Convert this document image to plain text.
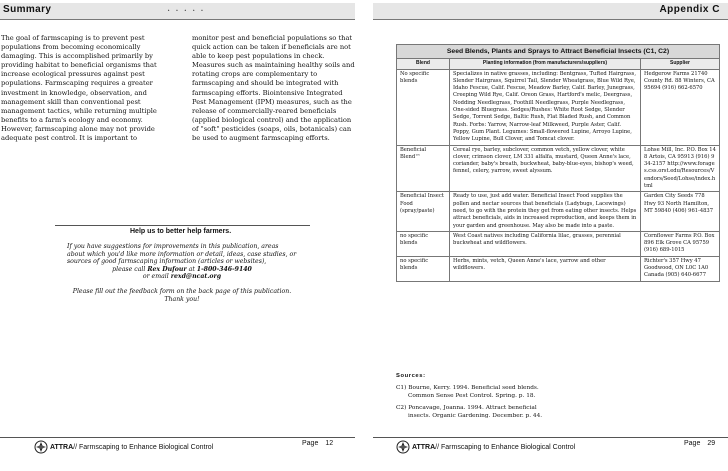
Summary	. . . . .

The goal of farmscaping is to prevent pest populations from becoming economically damaging. This is accomplished primarily by providing habitat to beneficial organisms that increase ecological pressures against pest populations. Farmscaping requires a greater investment in knowledge, observation, and management skill than conventional pest management tactics, while returning multiple benefits to a farm's ecology and economy. However, farmscaping alone may not provide adequate pest control. It is important to

monitor pest and beneficial populations so that quick action can be taken if beneficials are not able to keep pest populations in check. Measures such as maintaining healthy soils and rotating crops are complementary to farmscaping and should be integrated with farmscaping efforts. Biointensive Integrated Pest Management (IPM) measures, such as the release of commercially-reared beneficials (applied biological control) and the application of "soft" pesticides (soaps, oils, botanicals) can be used to augment farmscaping efforts.

Help us to better help farmers.
If you have suggestions for improvements in this publication, areas about which you'd like more information or detail, ideas, case studies, or sources of good farmscaping information (articles or websites),
please call Rex Dufour at 1-800-346-9140
or email rexd@ncat.org
Please fill out the feedback form on the back page of this publication.
Thank you!
ATTRA// Farmscaping to Enhance Biological Control
Page 12
Appendix C
Seed Blends, Plants and Sprays to Attract Beneficial Insects (C1, C2)		
Blend	Planting information (from manufacturers/suppliers)	Supplier
No specific blends	Specializes in native grasses, including: Bentgrass, Tufted Hairgrass, Slender Hairgrass, Squirrel Tail, Slender Wheatgrass, Blue Wild Rye, Idaho Fescue, Calif. Fescue, Meadow Barley, Calif. Barley, Junegrass, Creeping Wild Rye, Calif. Oreon Grass, Hartford's melic, Deergrass, Nodding Needlegrass, Foothill Needlegrass, Purple Needlegrass, One-sided Bluegrass. Sedges/Rushes: White Root Sedge, Slender Sedge, Torrent Sedge, Baltic Rush, Flat Bladed Rush, and Common Rush. Forbs: Yarrow, Narrow-leaf Milkweed, Purple Aster, Calif. Poppy, Gum Plant. Legumes: Small-flowered Lupine, Arroyo Lupine, Yellow Lupine, Bull Clover, and Tomcat clover.	Hedgerow Farms 21740 County Rd. 88 Winters, CA 95694 (916) 662-6570
Beneficial Blend™	Cereal rye, barley, subclover, common vetch, yellow clover, white clover, crimson clover, LM 331 alfalfa, mustard, Queen Anne's lace, coriander, baby's breath, buckwheat, baby-blue-eyes, bishop's weed, fennel, celery, yarrow, sweet alyssum.	Lohse Mill, Inc. P.O. Box 148 Artois, CA 95913 (916) 934-2157 http://www.forages.css.orst.edu/Resources/Vendors/Seed/Lohse/index.html
Beneficial Insect Food (spray/paste)	Ready to use, just add water. Beneficial Insect Food supplies the pollen and nectar sources that beneficials (Ladybugs, Lacewings) need, to go with the protein they get from eating other insects. Helps attract beneficials, aids in increased reproduction, and keeps them in your garden and greenhouse. May also be made into a paste.	Garden City Seeds 778 Hwy 93 North Hamilton, MT 59840 (406) 961-4837
no specific blends	West Coast natives including California lilac, grasses, perennial buckwheat and wildflowers.	Cornflower Farms P.O. Box 896 Elk Grove CA 95759 (916) 689-1015
no specific blends	Herbs, mints, vetch, Queen Anne's lace, yarrow and other wildflowers.	Richter's 357 Hwy 47 Goodwood, ON L0C 1A0 Canada (905) 640-6677
Sources:
C1) Bourne, Kerry. 1994. Beneficial seed blends.
Common Sense Pest Control. Spring. p. 18.
C2) Poncavage, Joanna. 1994. Attract beneficial
insects. Organic Gardening. December. p. 44.
ATTRA// Farmscaping to Enhance Biological Control
Page 29
